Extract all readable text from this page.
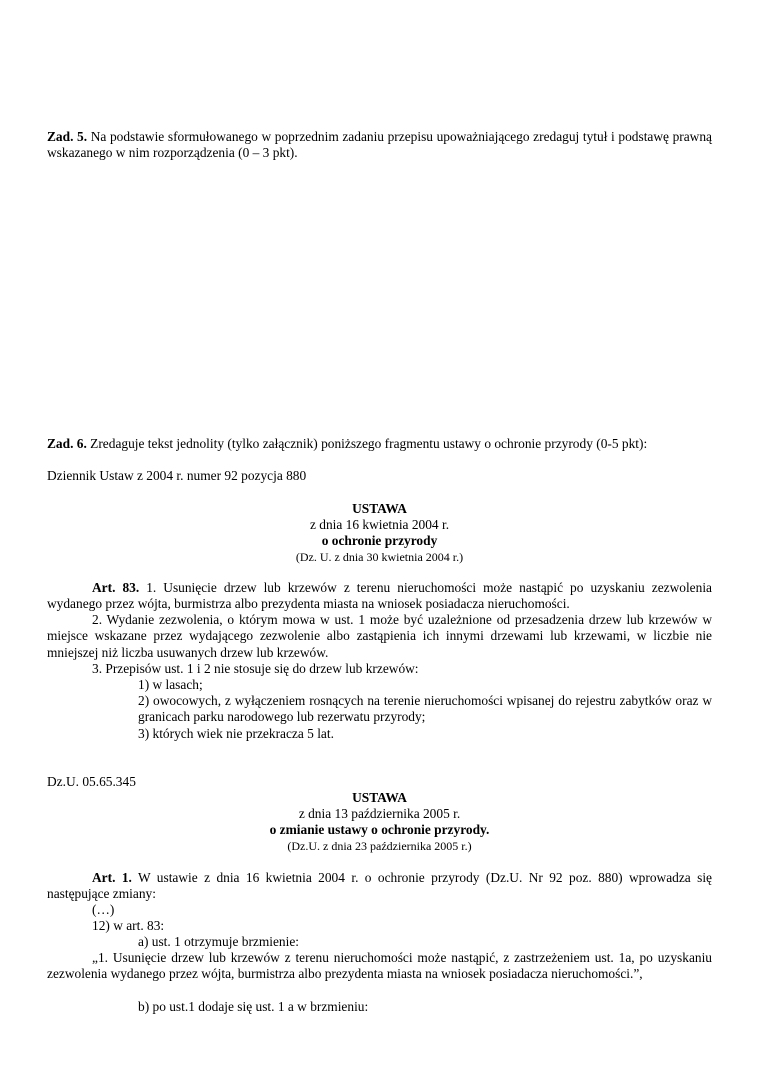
Zad. 5. Na podstawie sformułowanego w poprzednim zadaniu przepisu upoważniającego zredaguj tytuł i podstawę prawną wskazanego w nim rozporządzenia (0 – 3 pkt).

Zad. 6. Zredaguje tekst jednolity (tylko załącznik) poniższego fragmentu ustawy o ochronie przyrody (0-5 pkt):

Dziennik Ustaw z 2004 r. numer 92 pozycja 880

USTAWA

z dnia 16 kwietnia 2004 r.

o ochronie przyrody

(Dz. U. z dnia 30 kwietnia 2004 r.)

Art. 83. 1. Usunięcie drzew lub krzewów z terenu nieruchomości może nastąpić po uzyskaniu zezwolenia wydanego przez wójta, burmistrza albo prezydenta miasta na wniosek posiadacza nieruchomości.

2. Wydanie zezwolenia, o którym mowa w ust. 1 może być uzależnione od przesadzenia drzew lub krzewów w miejsce wskazane przez wydającego zezwolenie albo zastąpienia ich innymi drzewami lub krzewami, w liczbie nie mniejszej niż liczba usuwanych drzew lub krzewów.

3. Przepisów ust. 1 i 2 nie stosuje się do drzew lub krzewów:

1) w lasach;

2) owocowych, z wyłączeniem rosnących na terenie nieruchomości wpisanej do rejestru zabytków oraz w granicach parku narodowego lub rezerwatu przyrody;

3) których wiek nie przekracza 5 lat.

Dz.U. 05.65.345

USTAWA

z dnia 13 października 2005 r.

o zmianie ustawy o ochronie przyrody.

(Dz.U. z dnia 23 października 2005 r.)

Art. 1. W ustawie z dnia 16 kwietnia 2004 r. o ochronie przyrody (Dz.U. Nr 92 poz. 880) wprowadza się następujące zmiany:

(…)

12) w art. 83:

a) ust. 1 otrzymuje brzmienie:

„1. Usunięcie drzew lub krzewów z terenu nieruchomości może nastąpić, z zastrzeżeniem ust. 1a, po uzyskaniu zezwolenia wydanego przez wójta, burmistrza albo prezydenta miasta na wniosek posiadacza nieruchomości.”,

b) po ust.1 dodaje się ust. 1 a w brzmieniu:
